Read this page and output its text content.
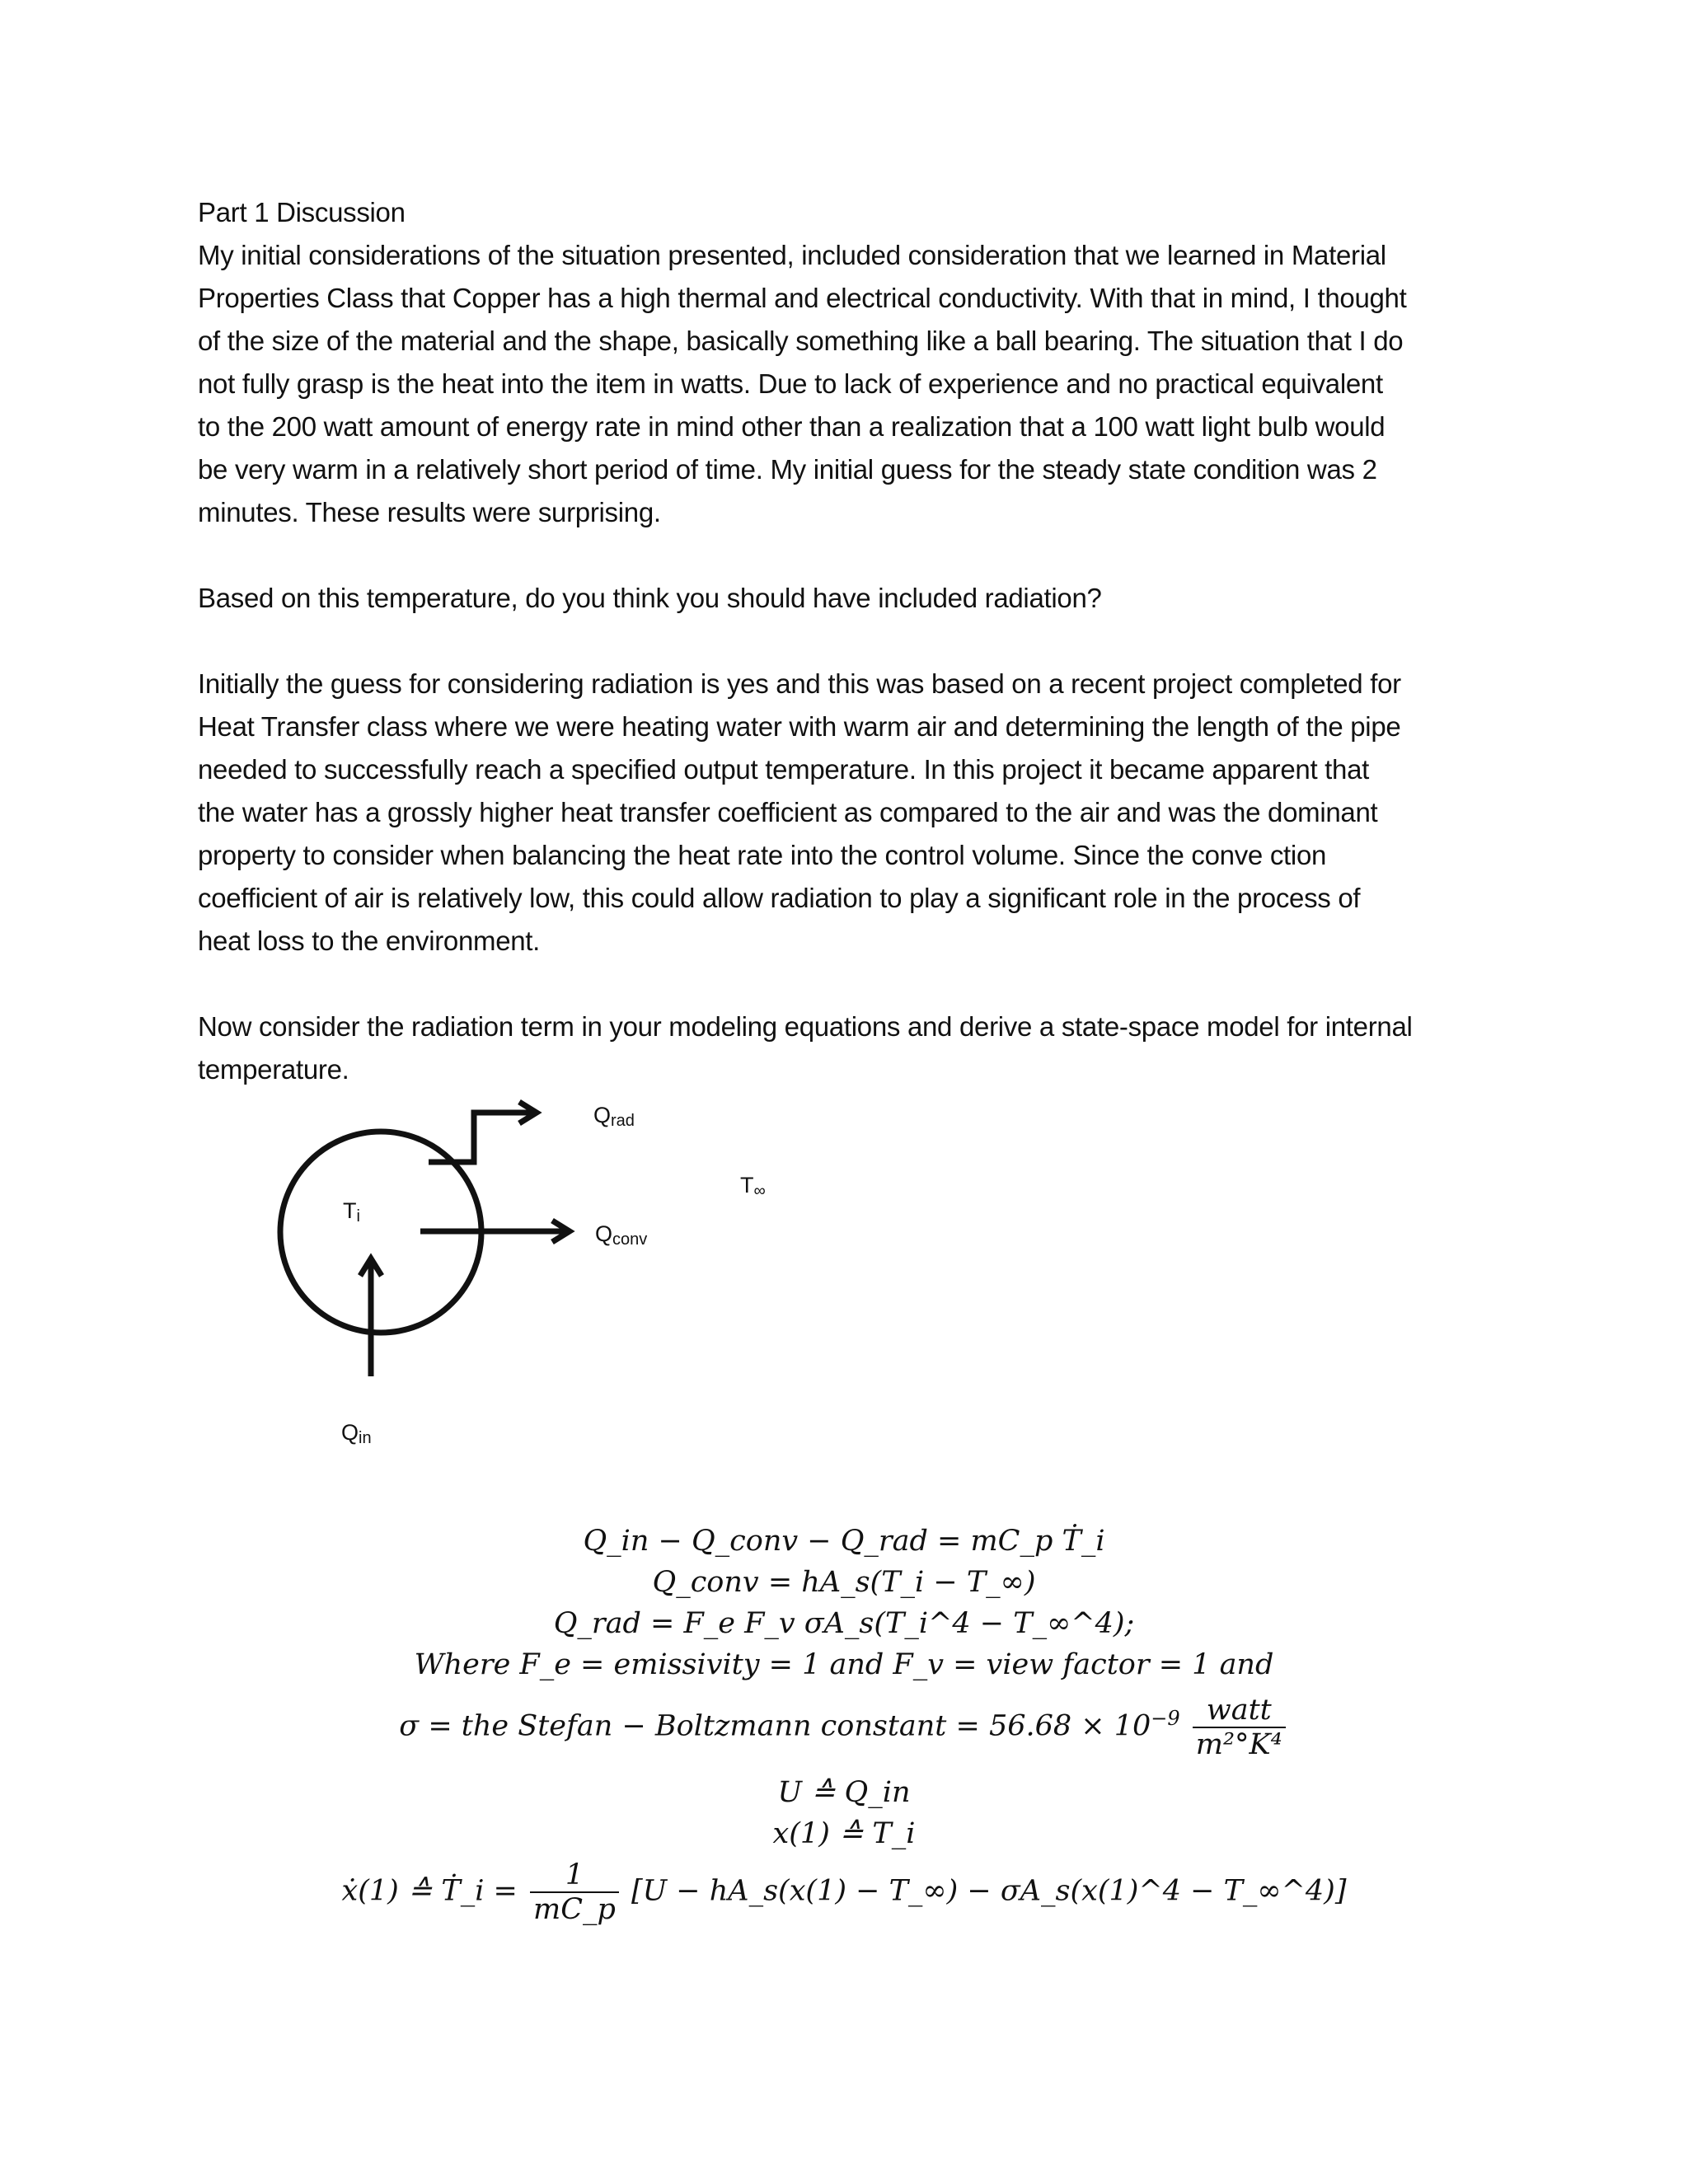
Part 1 Discussion

My initial considerations of the situation presented, included consideration that we learned in Material

Properties Class that Copper has a high thermal and electrical conductivity. With that in mind, I thought

of the size of the material and the shape, basically something like a ball bearing. The situation that I do

not fully grasp is the heat into the item in watts. Due to lack of experience and no practical equivalent

to the 200 watt amount of energy rate in mind other than a realization that a 100 watt light bulb would

be very warm in a relatively short period of time. My initial guess for the steady state condition was 2

minutes. These results were surprising.

Based on this temperature, do you think you should have included radiation?

Initially the guess for considering radiation is yes and this was based on a recent project completed for

Heat Transfer class where we were heating water with warm air and determining the length of the pipe

needed to successfully reach a specified output temperature. In this project it became apparent that

the water has a grossly higher heat transfer coefficient as compared to the air and was the dominant

property to consider when balancing the heat rate into the control volume. Since the conve ction

coefficient of air is relatively low, this could allow radiation to play a significant role in the process of

heat loss to the environment.

Now consider the radiation term in your modeling equations and derive a state-space model for internal

temperature.

Qrad
T∞
Ti
Qconv
Qin
Q_in − Q_conv − Q_rad = mC_p Ṫ_i
Q_conv = hA_s(T_i − T_∞)
Q_rad = F_e F_v σA_s(T_i^4 − T_∞^4);
Where F_e = emissivity = 1 and F_v = view factor = 1 and
σ = the Stefan − Boltzmann constant = $56.68 \times 10^{-9} \frac{\text{watt}}{\text{m²°K⁴}}$
U ≙ Q_in
x(1) ≙ T_i
ẋ(1) ≙ Ṫ_i = $\frac{1}{mC\_p} [U$ − hA_s(x(1) − T_∞) − σA_s(x(1)^4 − T_∞^4)]
